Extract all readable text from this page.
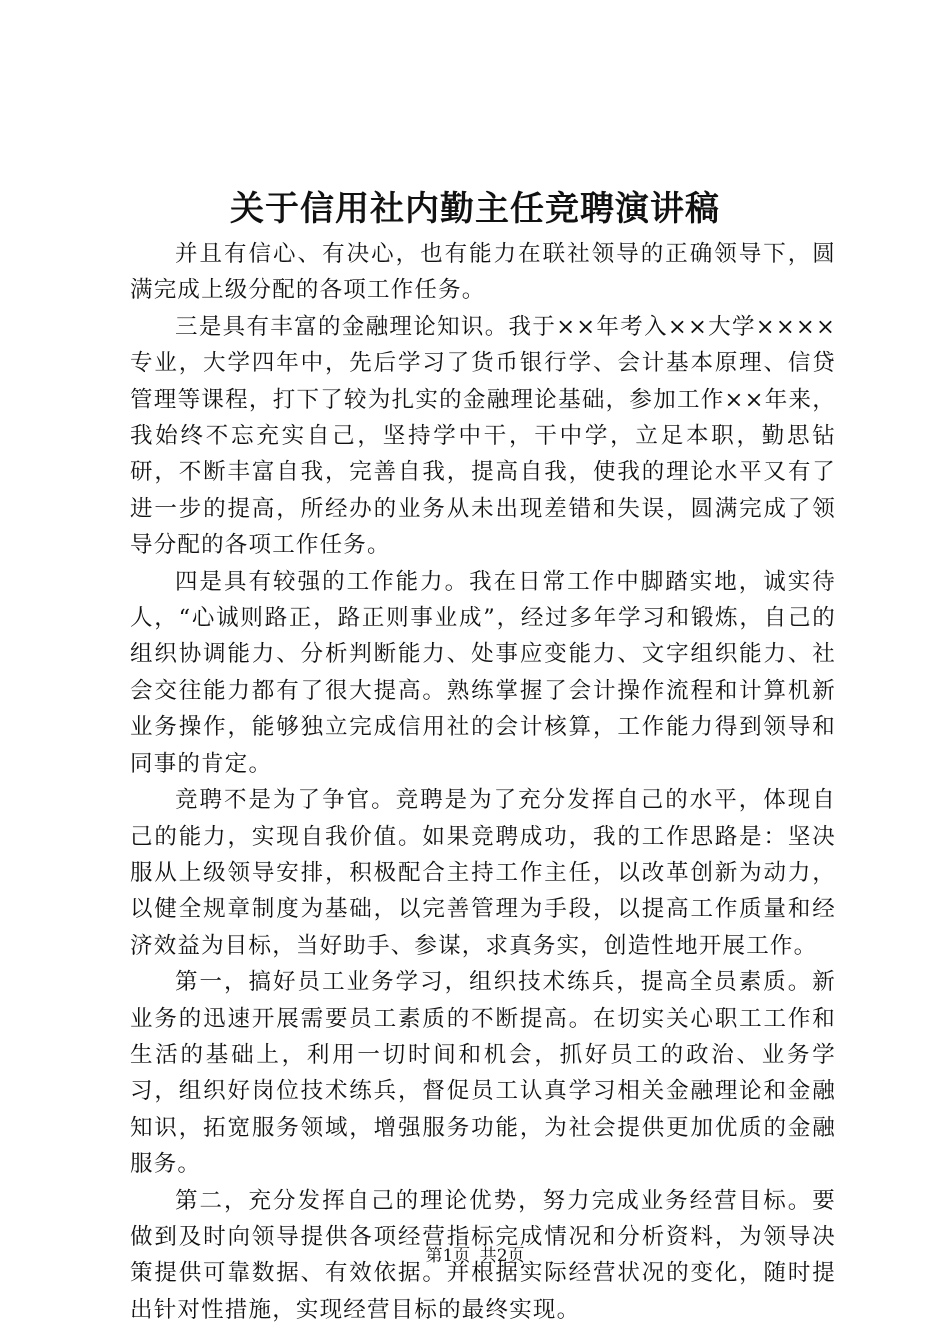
关于信用社内勤主任竞聘演讲稿

并且有信心、有决心，也有能力在联社领导的正确领导下，圆满完成上级分配的各项工作任务。

三是具有丰富的金融理论知识。我于××年考入××大学××××专业，大学四年中，先后学习了货币银行学、会计基本原理、信贷管理等课程，打下了较为扎实的金融理论基础，参加工作××年来，我始终不忘充实自己，坚持学中干，干中学，立足本职，勤思钻研，不断丰富自我，完善自我，提高自我，使我的理论水平又有了进一步的提高，所经办的业务从未出现差错和失误，圆满完成了领导分配的各项工作任务。

四是具有较强的工作能力。我在日常工作中脚踏实地，诚实待人，“心诚则路正，路正则事业成”，经过多年学习和锻炼，自己的组织协调能力、分析判断能力、处事应变能力、文字组织能力、社会交往能力都有了很大提高。熟练掌握了会计操作流程和计算机新业务操作，能够独立完成信用社的会计核算，工作能力得到领导和同事的肯定。

竞聘不是为了争官。竞聘是为了充分发挥自己的水平，体现自己的能力，实现自我价值。如果竞聘成功，我的工作思路是：坚决服从上级领导安排，积极配合主持工作主任，以改革创新为动力，以健全规章制度为基础，以完善管理为手段，以提高工作质量和经济效益为目标，当好助手、参谋，求真务实，创造性地开展工作。

第一，搞好员工业务学习，组织技术练兵，提高全员素质。新业务的迅速开展需要员工素质的不断提高。在切实关心职工工作和生活的基础上，利用一切时间和机会，抓好员工的政治、业务学习，组织好岗位技术练兵，督促员工认真学习相关金融理论和金融知识，拓宽服务领域，增强服务功能，为社会提供更加优质的金融服务。

第二，充分发挥自己的理论优势，努力完成业务经营目标。要做到及时向领导提供各项经营指标完成情况和分析资料，为领导决策提供可靠数据、有效依据。并根据实际经营状况的变化，随时提出针对性措施，实现经营目标的最终实现。

第1页 共2页
